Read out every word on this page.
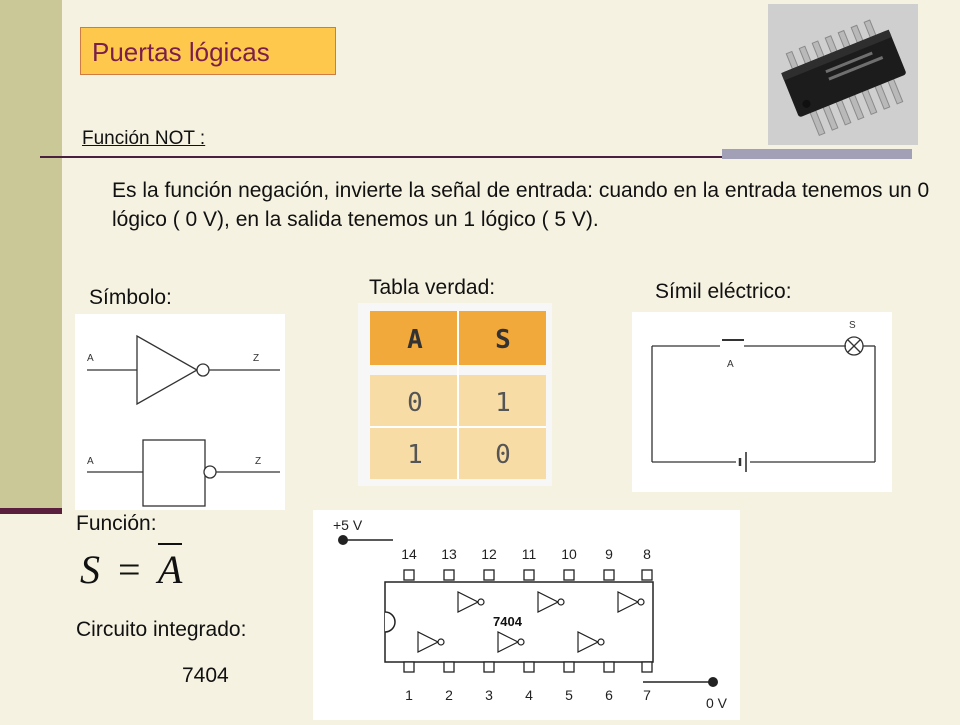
Puertas lógicas
Función NOT :
Es la función negación, invierte la señal de entrada: cuando en la entrada tenemos un 0 lógico ( 0 V), en la salida tenemos un 1 lógico ( 5 V).
Símbolo:	Tabla verdad:	Símil eléctrico:
A	Z
A	Z
A	S
0	1
1	0
A
S
Función:
S = A
Circuito integrado:
7404
+5 V
0 V
14 13 12 11 10 9 8
1 2 3 4 5 6 7
7404
